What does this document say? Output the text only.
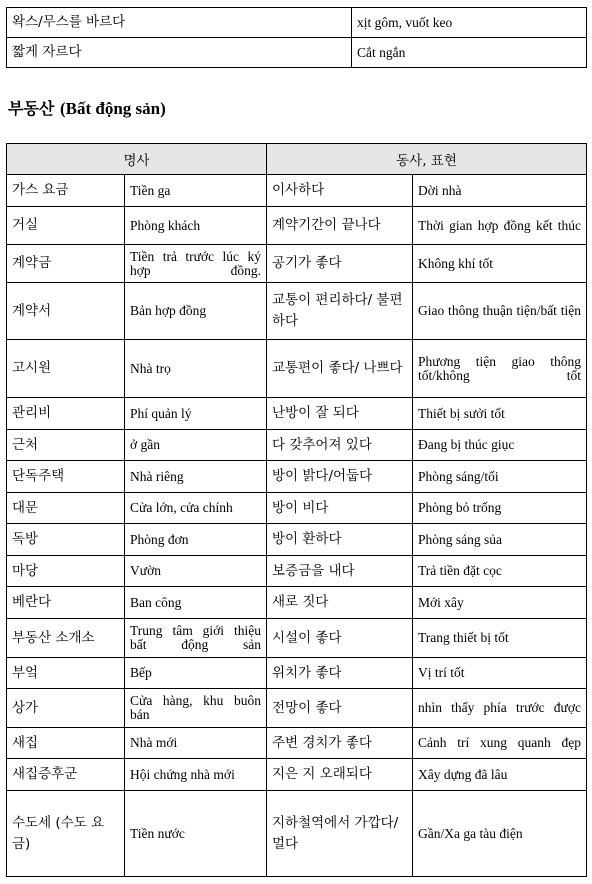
왁스/무스를 바르다	xịt gôm, vuốt keo
짧게 자르다	Cắt ngắn
부동산 (Bất động sản)
명사		동사, 표현	
가스 요금	Tiền ga	이사하다	Dời nhà
거실	Phòng khách	계약기간이 끝나다	Thời gian hợp đồng kết thúc
계약금	Tiền trả trước lúc ký hợp đồng.	공기가 좋다	Không khí tốt
계약서	Bản hợp đồng	교통이 편리하다/ 불편하다	Giao thông thuận tiện/bất tiện
고시원	Nhà trọ	교통편이 좋다/ 나쁘다	Phương tiện giao thông tốt/không tốt
관리비	Phí quản lý	난방이 잘 되다	Thiết bị sưởi tốt
근처	ở gần	다 갖추어져 있다	Đang bị thúc giục
단독주택	Nhà riêng	방이 밝다/어둡다	Phòng sáng/tối
대문	Cửa lớn, cửa chính	방이 비다	Phòng bỏ trống
독방	Phòng đơn	방이 환하다	Phòng sáng sủa
마당	Vườn	보증금을 내다	Trả tiền đặt cọc
베란다	Ban công	새로 짓다	Mới xây
부동산 소개소	Trung tâm giới thiệu bất động sản	시설이 좋다	Trang thiết bị tốt
부엌	Bếp	위치가 좋다	Vị trí tốt
상가	Cửa hàng, khu buôn bán	전망이 좋다	nhìn thấy phía trước được
새집	Nhà mới	주변 경치가 좋다	Cảnh trí xung quanh đẹp
새집증후군	Hội chứng nhà mới	지은 지 오래되다	Xây dựng đã lâu
수도세 (수도 요금)	Tiền nước	지하철역에서 가깝다/ 멀다	Gần/Xa ga tàu điện
